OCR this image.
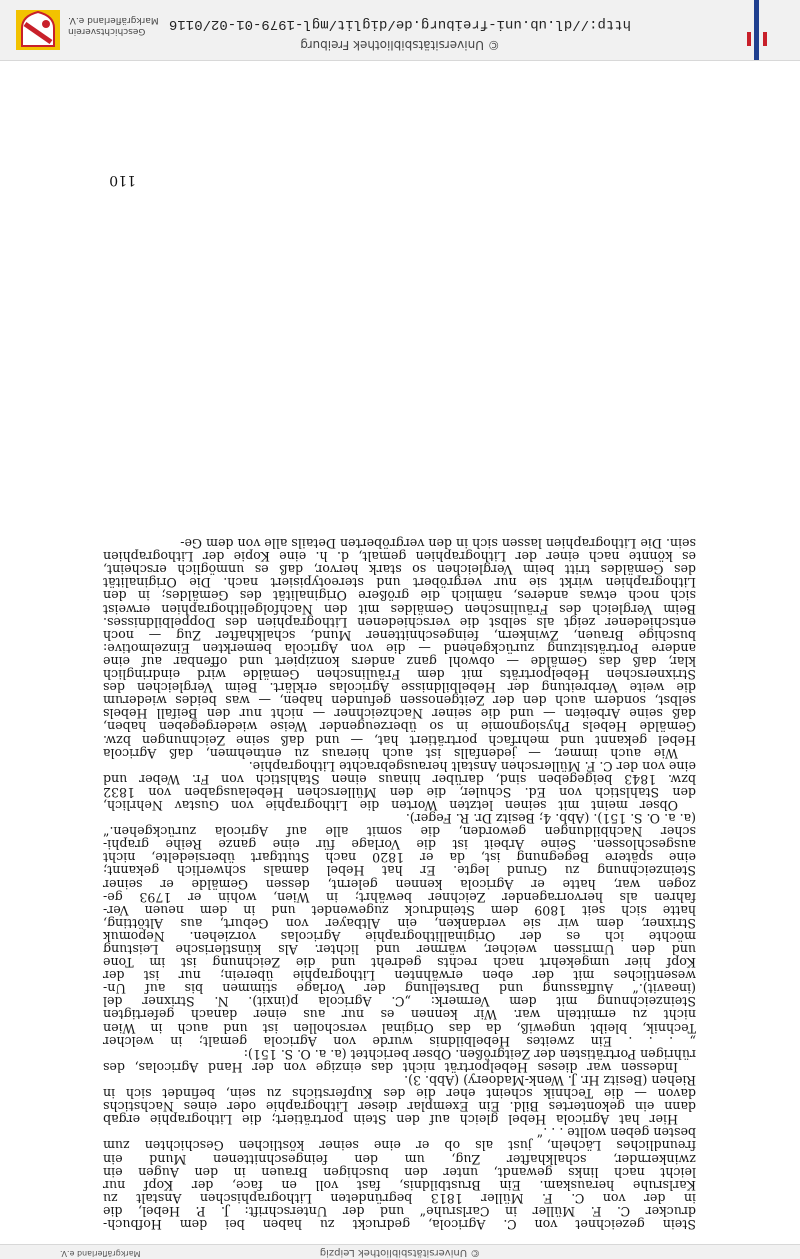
© Universitätsbibliothek Leipzig
Markgräflerland e.V.
Stein gezeichnet von C. Agricola, gedruckt zu haben bei dem Hofbuch-
drucker C. F. Müller in Carlsruhe“ und der Unterschrift: J. P. Hebel, die
in der von C. F. Müller 1813 begründeten Lithographischen Anstalt zu
Karlsruhe herauskam. Ein Brustbildnis, fast voll en face, der Kopf nur
leicht nach links gewandt, unter den buschigen Brauen in den Augen ein
zwinkernder, schalkhafter Zug, um den feingeschnittenen Mund ein
freundliches Lächeln, just als ob er eine seiner köstlichen Geschichten zum
besten geben wollte . . .“
Hier hat Agricola Hebel gleich auf den Stein porträtiert; die Lithographie ergab
dann ein gekontertes Bild. Ein Exemplar dieser Lithographie oder eines Nachstichs
davon — die Technik scheint eher die des Kupferstichs zu sein, befindet sich in
Riehen (Besitz Hr. J. Wenk-Madoery) (Abb. 3).
Indessen war dieses Hebelporträt nicht das einzige von der Hand Agricolas, des
rührigen Porträtisten der Zeitgrößen. Obser berichtet (a. a. O. S. 151):
„ . . . Ein zweites Hebelbildnis wurde von Agricola gemalt; in welcher
Technik, bleibt ungewiß, da das Original verschollen ist und auch in Wien
nicht zu ermitteln war. Wir kennen es nur aus einer danach gefertigten
Steinzeichnung mit dem Vermerk: „C. Agricola p(inxit). N. Strixner del
(ineavit).“ Auffassung und Darstellung der Vorlage stimmen bis auf Un-
wesentliches mit der eben erwähnten Lithographie überein; nur ist der
Kopf hier umgekehrt nach rechts gedreht und die Zeichnung ist im Tone
und den Umrissen weicher, wärmer und lichter. Als künstlerische Leistung
möchte ich es der Originallithographie Agricolas vorziehen. Nepomuk
Strixner, dem wir sie verdanken, ein Altbayer von Geburt, aus Altötting,
hatte sich seit 1809 dem Steindruck zugewendet und in dem neuen Ver-
fahren als hervorragender Zeichner bewährt; in Wien, wohin er 1793 ge-
zogen war, hatte er Agricola kennen gelernt, dessen Gemälde er seiner
Steinzeichnung zu Grund legte. Er hat Hebel damals schwerlich gekannt;
eine spätere Begegnung ist, da er 1820 nach Stuttgart übersiedelte, nicht
ausgeschlossen. Seine Arbeit ist die Vorlage für eine ganze Reihe graphi-
scher Nachbildungen geworden, die somit alle auf Agricola zurückgehen.“
(a. a. O. S. 151). (Abb. 4; Besitz Dr. R. Feger).
Obser meint mit seinen letzten Worten die Lithographie von Gustav Nehrlich,
den Stahlstich von Ed. Schuler, die den Müllerschen Hebelausgaben von 1832
bzw. 1843 beigegeben sind, darüber hinaus einen Stahlstich von Fr. Weber und
eine von der C. F. Müllerschen Anstalt herausgebrachte Lithographie.
Wie auch immer, — jedenfalls ist auch hieraus zu entnehmen, daß Agricola
Hebel gekannt und mehrfach porträtiert hat, — und daß seine Zeichnungen bzw.
Gemälde Hebels Physiognomie in so überzeugender Weise wiedergegeben haben,
daß seine Arbeiten — und die seiner Nachzeichner — nicht nur den Beifall Hebels
selbst, sondern auch den der Zeitgenossen gefunden haben, — was beides wiederum
die weite Verbreitung der Hebelbildnisse Agricolas erklärt. Beim Vergleichen des
Strixnerschen Hebelporträts mit dem Fräulinschen Gemälde wird eindringlich
klar, daß das Gemälde — obwohl ganz anders konzipiert und offenbar auf eine
andere Porträtsitzung zurückgehend — die von Agricola bemerkten Einzelmotive:
buschige Brauen, Zwinkern, feingeschnittener Mund, schalkhafter Zug — noch
entschiedener zeigt als selbst die verschiedenen Lithographien des Doppelbildnisses.
Beim Vergleich des Fräulinschen Gemäldes mit den Nachfolgelithographien erweist
sich noch etwas anderes, nämlich die größere Originalität des Gemäldes; in den
Lithographien wirkt sie nur vergröbert und stereotypisiert nach. Die Originalität
des Gemäldes tritt beim Vergleichen so stark hervor, daß es unmöglich erscheint,
es könnte nach einer der Lithographien gemalt, d. h. eine Kopie der Lithographien
sein. Die Lithographien lassen sich in den vergröberten Details alle von dem Ge-
110
© Universitätsbibliothek Freiburg
http://dl.ub.uni-freiburg.de/diglit/mgl-1979-01-02/0116
Geschichtsverein
Markgräflerland e.V.
